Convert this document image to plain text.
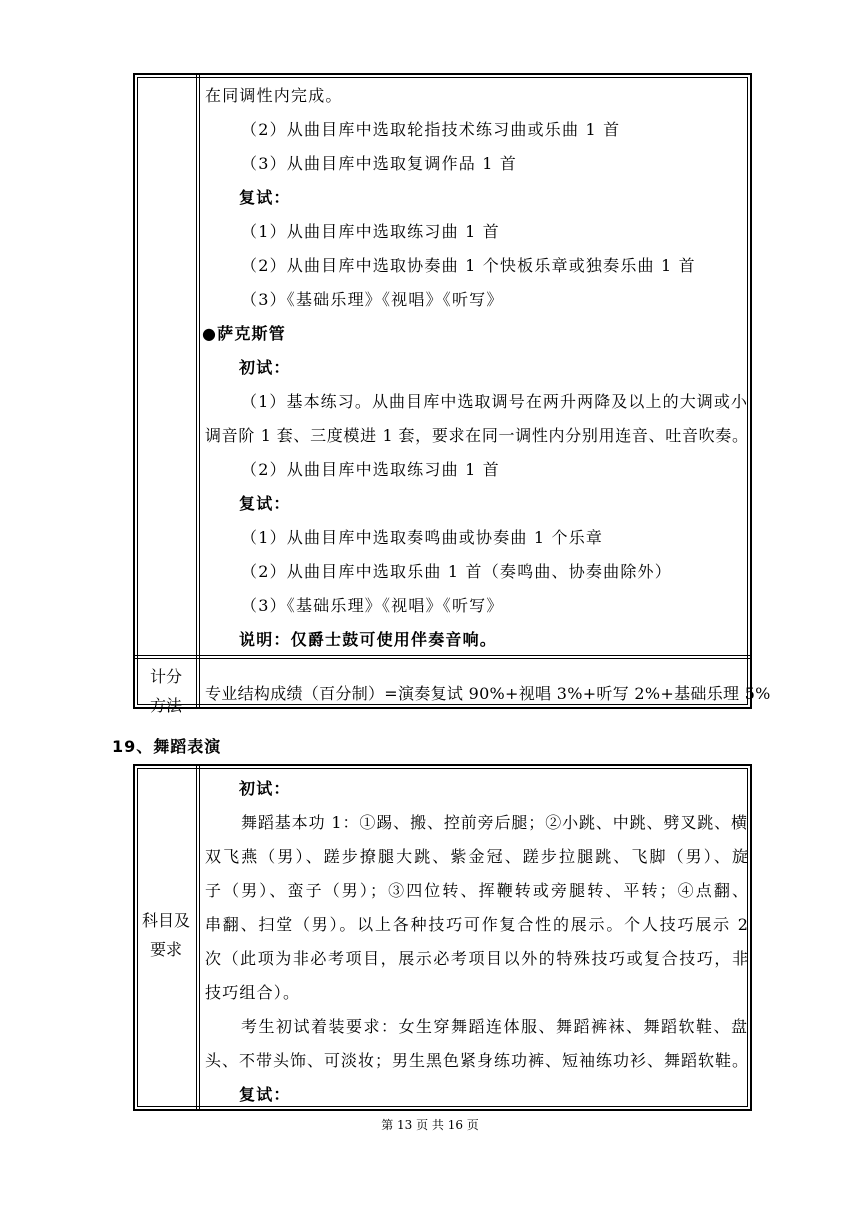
在同调性内完成。
（2）从曲目库中选取轮指技术练习曲或乐曲 1 首
（3）从曲目库中选取复调作品 1 首
复试：
（1）从曲目库中选取练习曲 1 首
（2）从曲目库中选取协奏曲 1 个快板乐章或独奏乐曲 1 首
（3）《基础乐理》《视唱》《听写》
●萨克斯管
初试：
（1）基本练习。从曲目库中选取调号在两升两降及以上的大调或小
调音阶 1 套、三度模进 1 套，要求在同一调性内分别用连音、吐音吹奏。
（2）从曲目库中选取练习曲 1 首
复试：
（1）从曲目库中选取奏鸣曲或协奏曲 1 个乐章
（2）从曲目库中选取乐曲 1 首（奏鸣曲、协奏曲除外）
（3）《基础乐理》《视唱》《听写》
说明：仅爵士鼓可使用伴奏音响。
计分
方法
专业结构成绩（百分制）=演奏复试 90%+视唱 3%+听写 2%+基础乐理 5%
19、舞蹈表演
科目及
要求
初试：
舞蹈基本功 1：①踢、搬、控前旁后腿；②小跳、中跳、劈叉跳、横
双飞燕（男）、蹉步撩腿大跳、紫金冠、蹉步拉腿跳、飞脚（男）、旋
子（男）、蛮子（男）；③四位转、挥鞭转或旁腿转、平转；④点翻、
串翻、扫堂（男）。以上各种技巧可作复合性的展示。个人技巧展示 2
次（此项为非必考项目，展示必考项目以外的特殊技巧或复合技巧，非
技巧组合）。
考生初试着装要求：女生穿舞蹈连体服、舞蹈裤袜、舞蹈软鞋、盘
头、不带头饰、可淡妆；男生黑色紧身练功裤、短袖练功衫、舞蹈软鞋。
复试：
第 13 页 共 16 页
